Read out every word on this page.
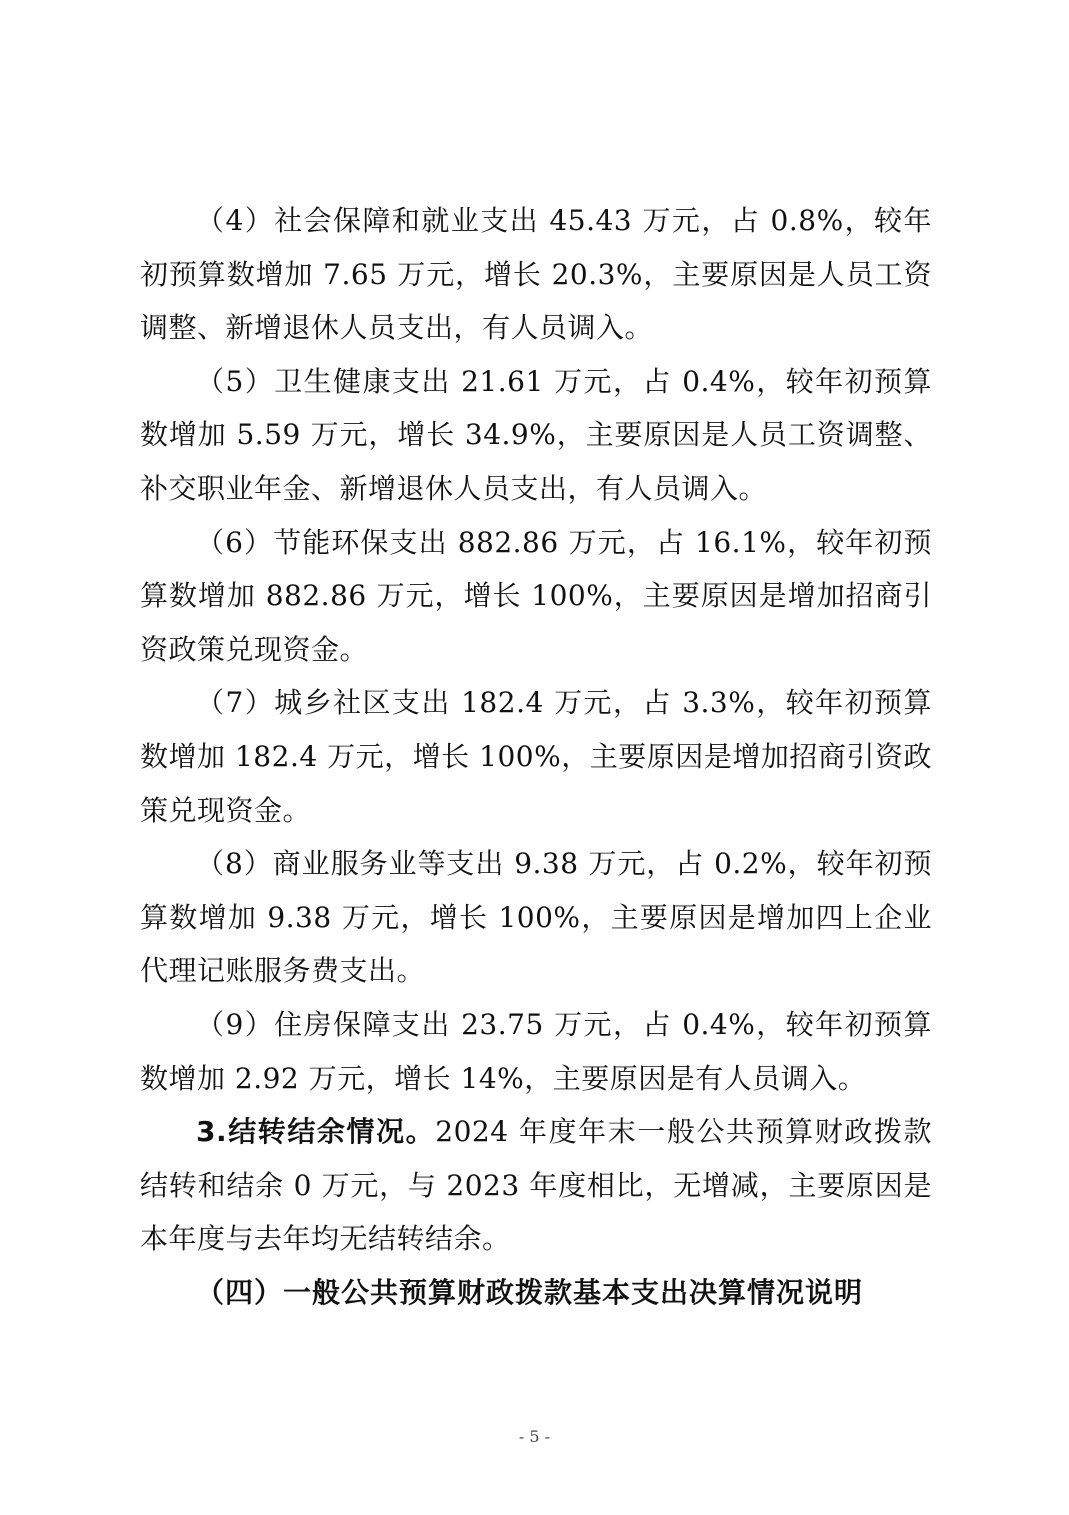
（4）社会保障和就业支出 45.43 万元，占 0.8%，较年初预算数增加 7.65 万元，增长 20.3%，主要原因是人员工资调整、新增退休人员支出，有人员调入。

（5）卫生健康支出 21.61 万元，占 0.4%，较年初预算数增加 5.59 万元，增长 34.9%，主要原因是人员工资调整、补交职业年金、新增退休人员支出，有人员调入。

（6）节能环保支出 882.86 万元，占 16.1%，较年初预算数增加 882.86 万元，增长 100%，主要原因是增加招商引资政策兑现资金。

（7）城乡社区支出 182.4 万元，占 3.3%，较年初预算数增加 182.4 万元，增长 100%，主要原因是增加招商引资政策兑现资金。

（8）商业服务业等支出 9.38 万元，占 0.2%，较年初预算数增加 9.38 万元，增长 100%，主要原因是增加四上企业代理记账服务费支出。

（9）住房保障支出 23.75 万元，占 0.4%，较年初预算数增加 2.92 万元，增长 14%，主要原因是有人员调入。

3.结转结余情况。2024 年度年末一般公共预算财政拨款结转和结余 0 万元，与 2023 年度相比，无增减，主要原因是本年度与去年均无结转结余。

（四）一般公共预算财政拨款基本支出决算情况说明

- 5 -
